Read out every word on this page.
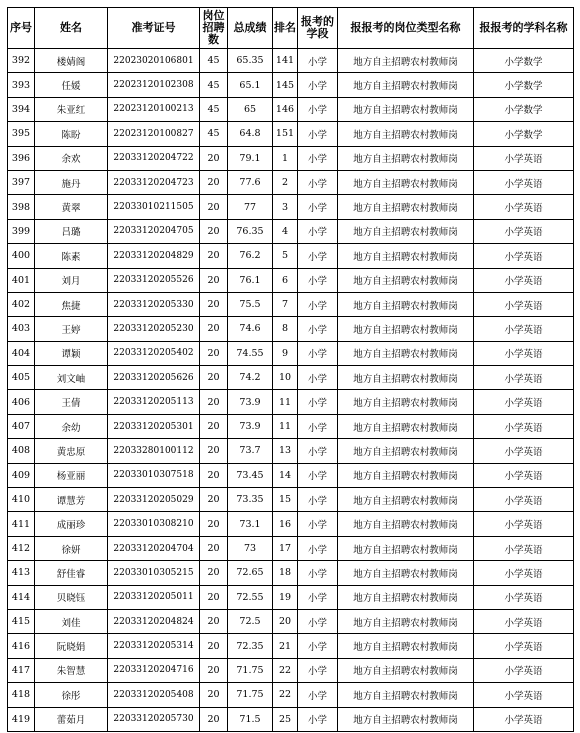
序号	姓名	准考证号	岗位招聘数	总成绩	排名	报考的学段	报报考的岗位类型名称	报报考的学科名称
392	楼婧阁	22023020106801	45	65.35	141	小学	地方自主招聘农村教师岗	小学数学
393	任媛	22023120102308	45	65.1	145	小学	地方自主招聘农村教师岗	小学数学
394	朱亚红	22023120100213	45	65	146	小学	地方自主招聘农村教师岗	小学数学
395	陈盼	22023120100827	45	64.8	151	小学	地方自主招聘农村教师岗	小学数学
396	余欢	22033120204722	20	79.1	1	小学	地方自主招聘农村教师岗	小学英语
397	施丹	22033120204723	20	77.6	2	小学	地方自主招聘农村教师岗	小学英语
398	黄翠	22033010211505	20	77	3	小学	地方自主招聘农村教师岗	小学英语
399	吕璐	22033120204705	20	76.35	4	小学	地方自主招聘农村教师岗	小学英语
400	陈素	22033120204829	20	76.2	5	小学	地方自主招聘农村教师岗	小学英语
401	刘月	22033120205526	20	76.1	6	小学	地方自主招聘农村教师岗	小学英语
402	焦捷	22033120205330	20	75.5	7	小学	地方自主招聘农村教师岗	小学英语
403	王婷	22033120205230	20	74.6	8	小学	地方自主招聘农村教师岗	小学英语
404	谭颖	22033120205402	20	74.55	9	小学	地方自主招聘农村教师岗	小学英语
405	刘文岫	22033120205626	20	74.2	10	小学	地方自主招聘农村教师岗	小学英语
406	王倩	22033120205113	20	73.9	11	小学	地方自主招聘农村教师岗	小学英语
407	余幼	22033120205301	20	73.9	11	小学	地方自主招聘农村教师岗	小学英语
408	黄忠原	22033280100112	20	73.7	13	小学	地方自主招聘农村教师岗	小学英语
409	杨亚丽	22033010307518	20	73.45	14	小学	地方自主招聘农村教师岗	小学英语
410	谭慧芳	22033120205029	20	73.35	15	小学	地方自主招聘农村教师岗	小学英语
411	成丽珍	22033010308210	20	73.1	16	小学	地方自主招聘农村教师岗	小学英语
412	徐妍	22033120204704	20	73	17	小学	地方自主招聘农村教师岗	小学英语
413	舒佳睿	22033010305215	20	72.65	18	小学	地方自主招聘农村教师岗	小学英语
414	贝晓钰	22033120205011	20	72.55	19	小学	地方自主招聘农村教师岗	小学英语
415	刘佳	22033120204824	20	72.5	20	小学	地方自主招聘农村教师岗	小学英语
416	阮晓娟	22033120205314	20	72.35	21	小学	地方自主招聘农村教师岗	小学英语
417	朱智慧	22033120204716	20	71.75	22	小学	地方自主招聘农村教师岗	小学英语
418	徐彤	22033120205408	20	71.75	22	小学	地方自主招聘农村教师岗	小学英语
419	蕾茹月	22033120205730	20	71.5	25	小学	地方自主招聘农村教师岗	小学英语
